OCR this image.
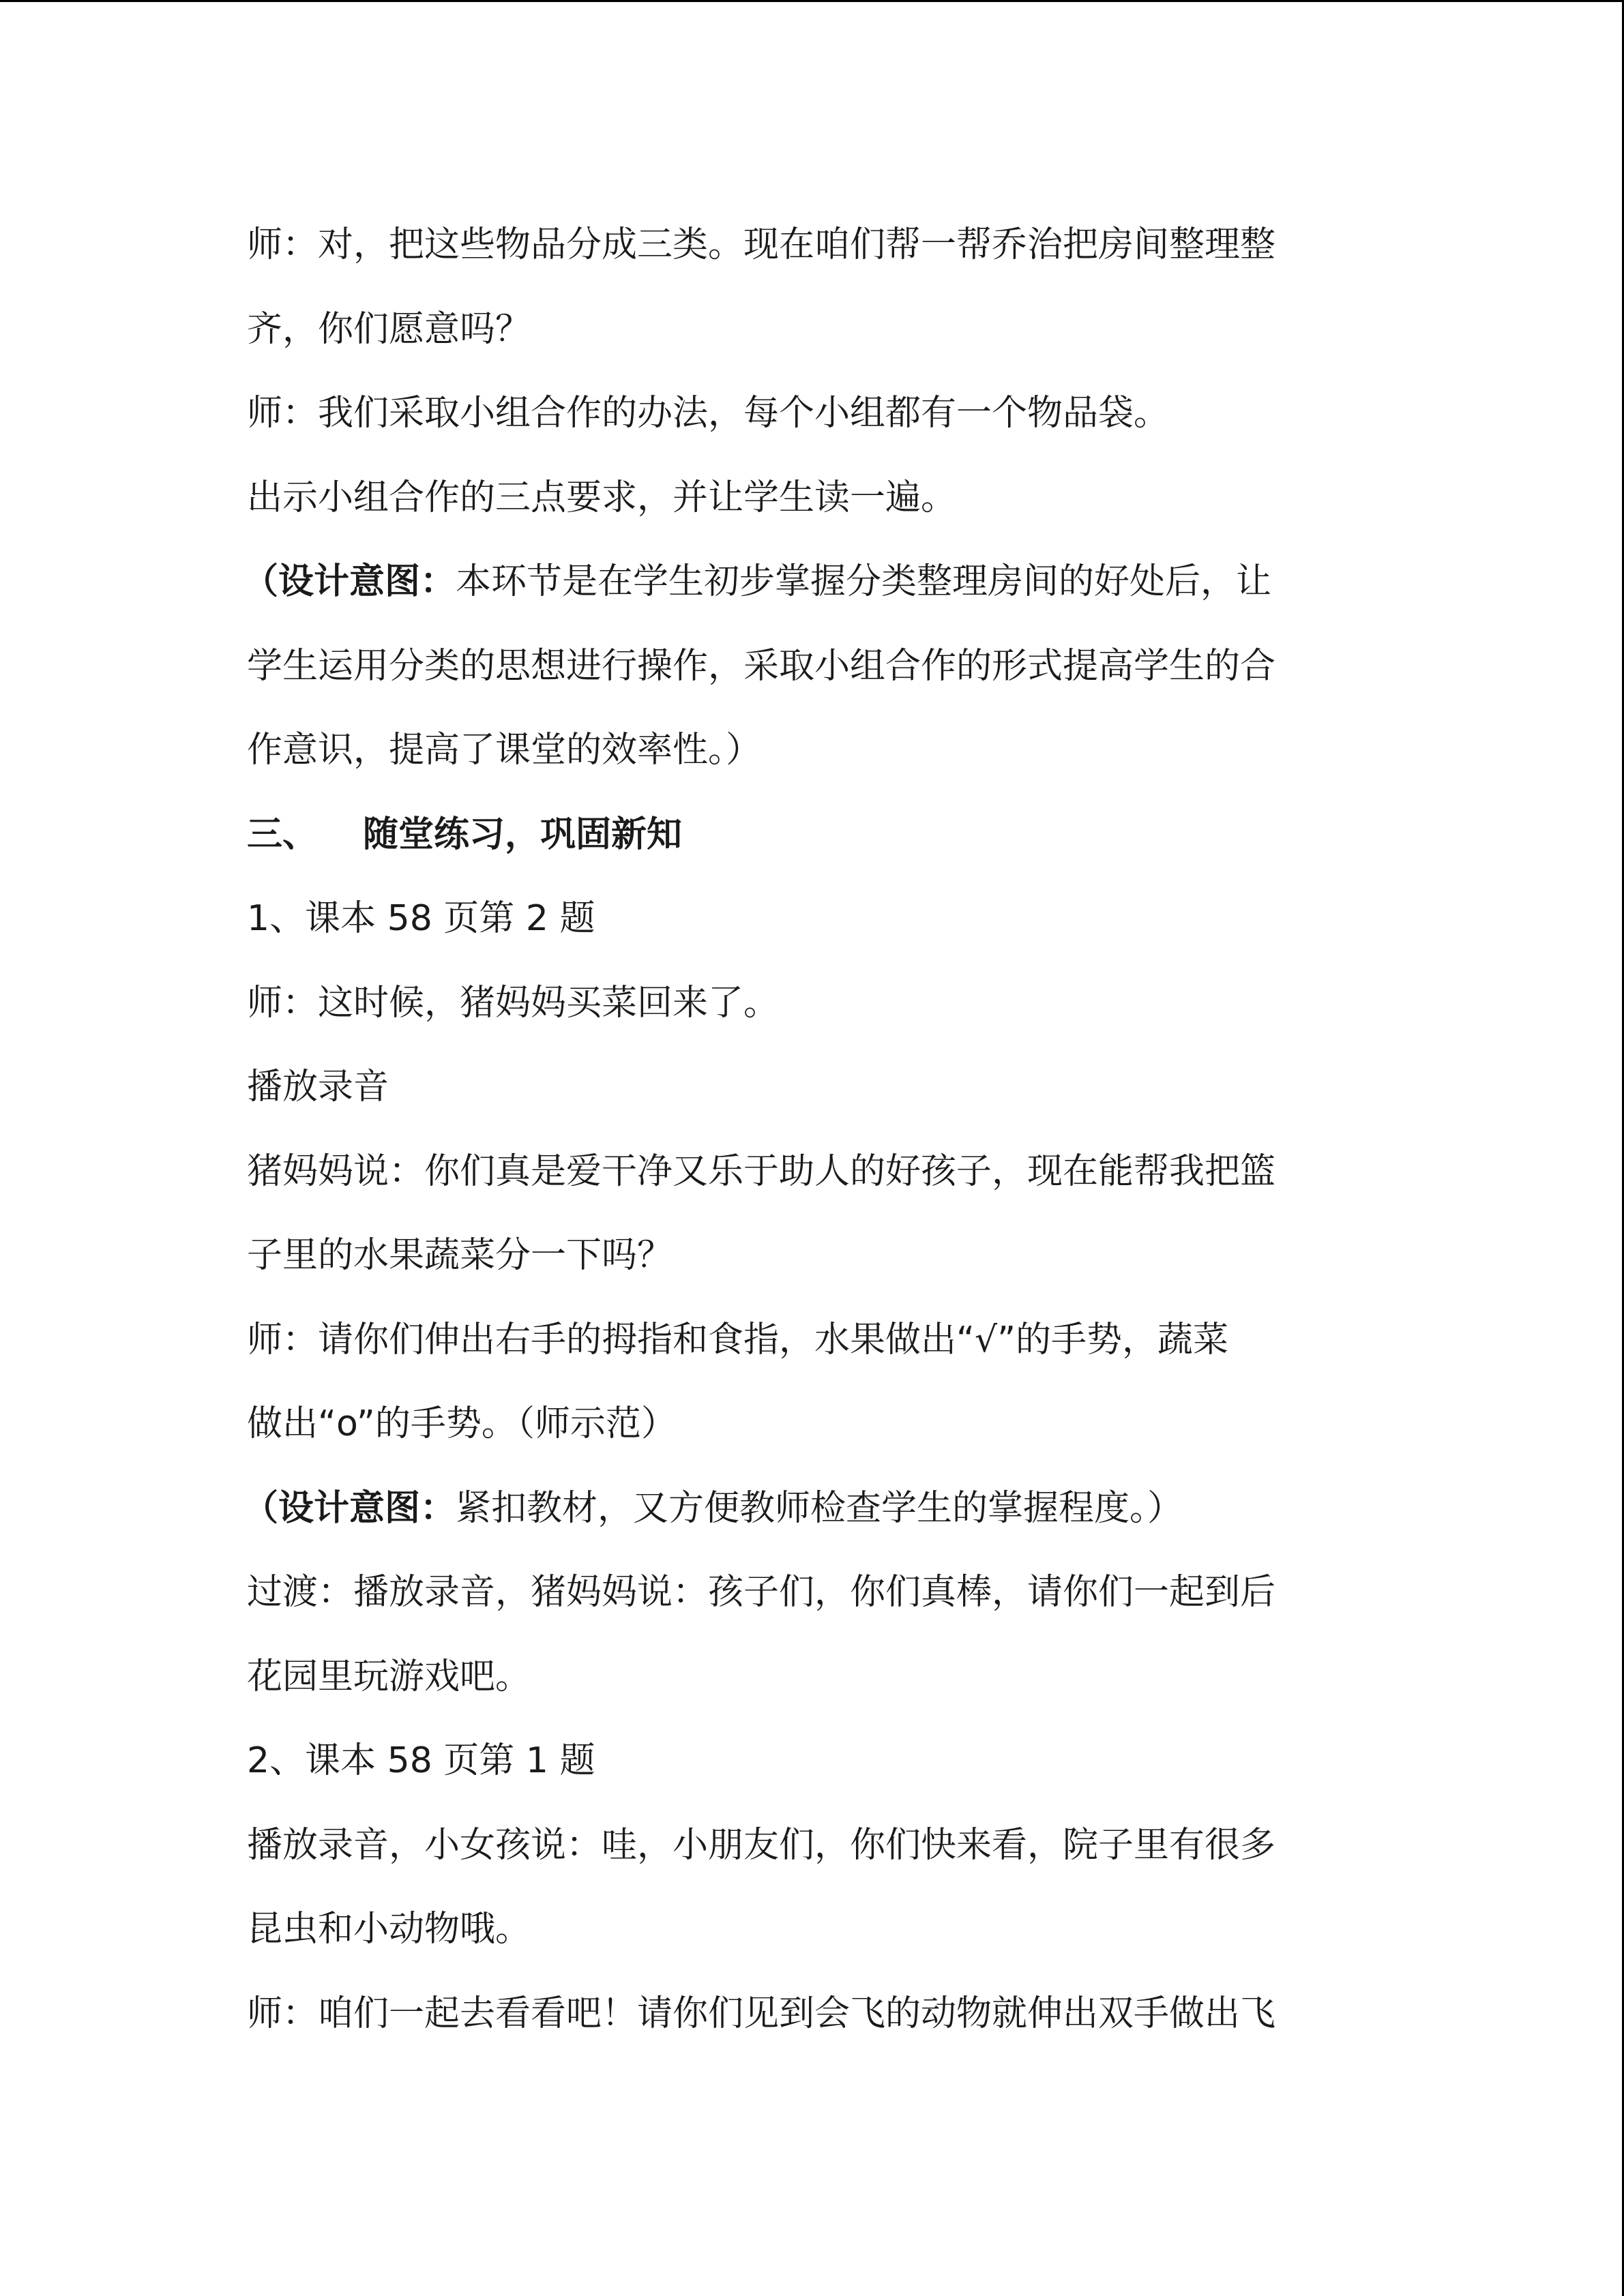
师：对，把这些物品分成三类。现在咱们帮一帮乔治把房间整理整
齐，你们愿意吗？
师：我们采取小组合作的办法，每个小组都有一个物品袋。
出示小组合作的三点要求，并让学生读一遍。
（设计意图：本环节是在学生初步掌握分类整理房间的好处后，让
学生运用分类的思想进行操作，采取小组合作的形式提高学生的合
作意识，提高了课堂的效率性。）
三、 随堂练习，巩固新知
1、课本 58 页第 2 题
师：这时候，猪妈妈买菜回来了。
播放录音
猪妈妈说：你们真是爱干净又乐于助人的好孩子，现在能帮我把篮
子里的水果蔬菜分一下吗？
师：请你们伸出右手的拇指和食指，水果做出“√”的手势，蔬菜
做出“o”的手势。（师示范）
（设计意图：紧扣教材，又方便教师检查学生的掌握程度。）
过渡：播放录音，猪妈妈说：孩子们，你们真棒，请你们一起到后
花园里玩游戏吧。
2、课本 58 页第 1 题
播放录音，小女孩说：哇，小朋友们，你们快来看，院子里有很多
昆虫和小动物哦。
师：咱们一起去看看吧！请你们见到会飞的动物就伸出双手做出飞
